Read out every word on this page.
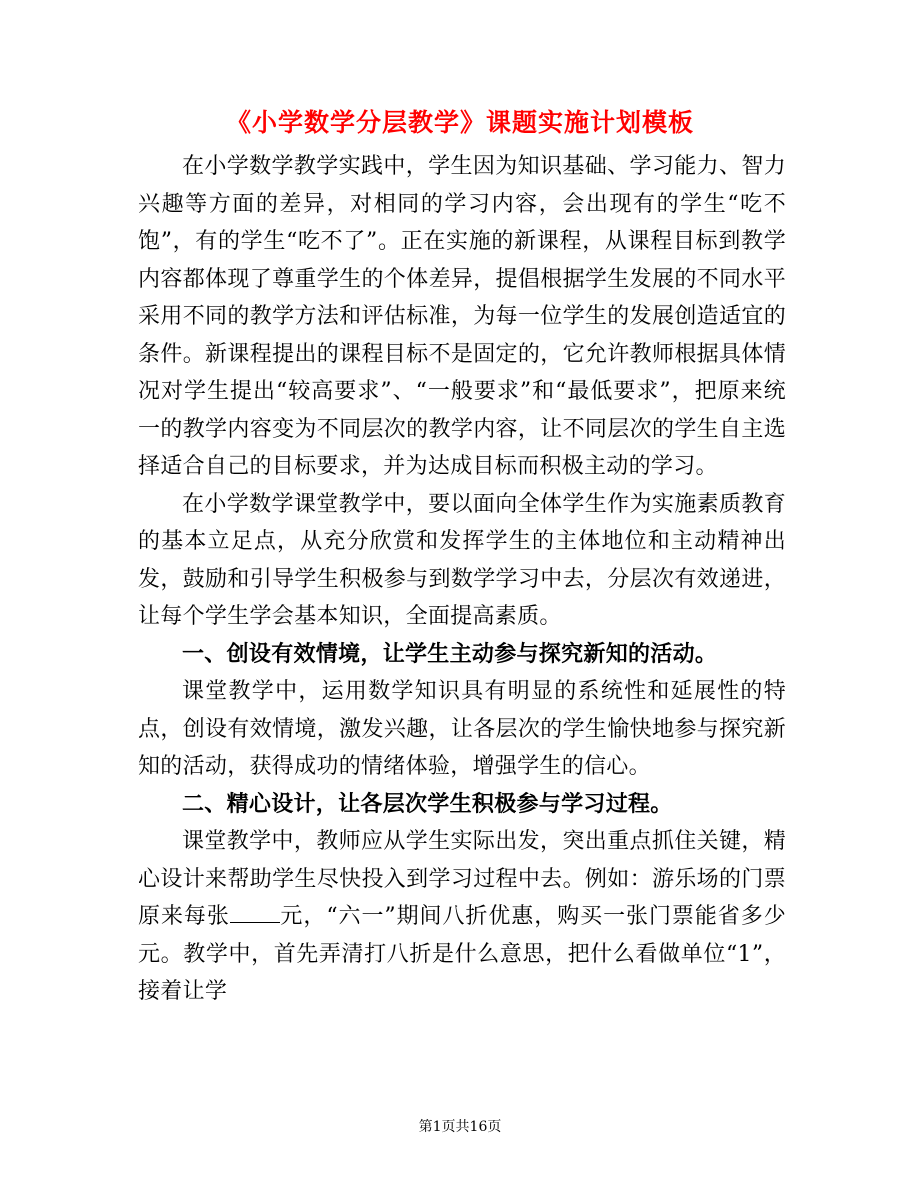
《小学数学分层教学》课题实施计划模板

在小学数学教学实践中，学生因为知识基础、学习能力、智力兴趣等方面的差异，对相同的学习内容，会出现有的学生“吃不饱”，有的学生“吃不了”。正在实施的新课程，从课程目标到教学内容都体现了尊重学生的个体差异，提倡根据学生发展的不同水平采用不同的教学方法和评估标准，为每一位学生的发展创造适宜的条件。新课程提出的课程目标不是固定的，它允许教师根据具体情况对学生提出“较高要求”、“一般要求”和“最低要求”，把原来统一的教学内容变为不同层次的教学内容，让不同层次的学生自主选择适合自己的目标要求，并为达成目标而积极主动的学习。

在小学数学课堂教学中，要以面向全体学生作为实施素质教育的基本立足点，从充分欣赏和发挥学生的主体地位和主动精神出发，鼓励和引导学生积极参与到数学学习中去，分层次有效递进，让每个学生学会基本知识，全面提高素质。

一、创设有效情境，让学生主动参与探究新知的活动。

课堂教学中，运用数学知识具有明显的系统性和延展性的特点，创设有效情境，激发兴趣，让各层次的学生愉快地参与探究新知的活动，获得成功的情绪体验，增强学生的信心。

二、精心设计，让各层次学生积极参与学习过程。

课堂教学中，教师应从学生实际出发，突出重点抓住关键，精心设计来帮助学生尽快投入到学习过程中去。例如：游乐场的门票原来每张 元，“六一”期间八折优惠，购买一张门票能省多少元。教学中，首先弄清打八折是什么意思，把什么看做单位“1”，接着让学

第1页共16页
